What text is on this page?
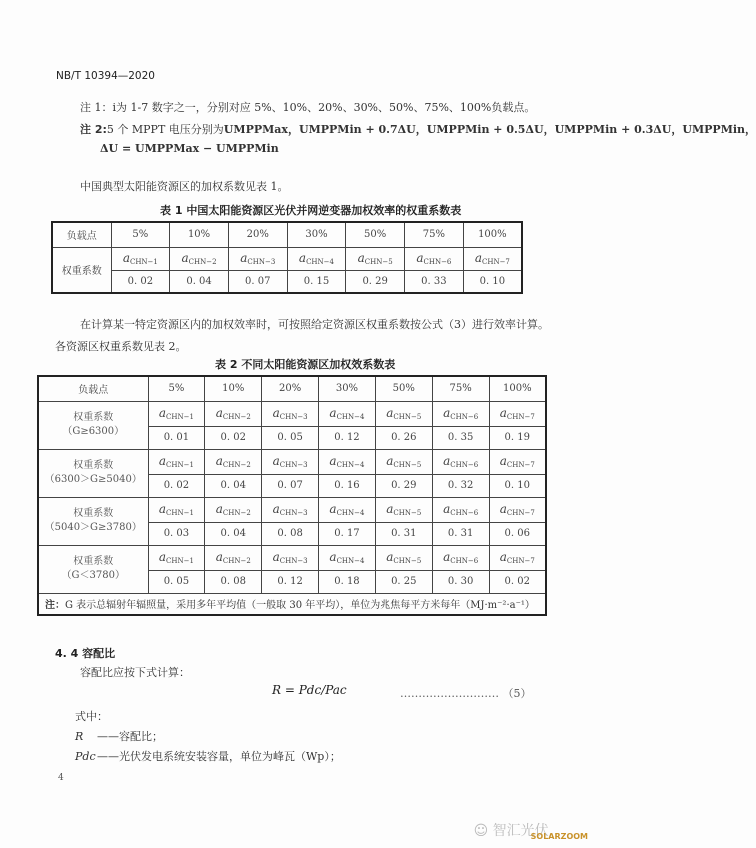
NB/T 10394—2020
注 1：i为 1-7 数字之一，分别对应 5%、10%、20%、30%、50%、75%、100%负载点。
注 2:5 个 MPPT 电压分别为UMPPMax，UMPPMin + 0.7ΔU，UMPPMin + 0.5ΔU，UMPPMin + 0.3ΔU，UMPPMin，
ΔU = UMPPMax − UMPPMin
中国典型太阳能资源区的加权系数见表 1。
表 1 中国太阳能资源区光伏并网逆变器加权效率的权重系数表
负载点	5%	10%	20%	30%	50%	75%	100%
权重系数	aCHN−1	aCHN−2	aCHN−3	aCHN−4	aCHN−5	aCHN−6	aCHN−7
	0. 02	0. 04	0. 07	0. 15	0. 29	0. 33	0. 10
在计算某一特定资源区内的加权效率时，可按照给定资源区权重系数按公式（3）进行效率计算。
各资源区权重系数见表 2。
表 2 不同太阳能资源区加权效系数表
负载点	5%	10%	20%	30%	50%	75%	100%

权重系数
（G≥6300）	aCHN−1	aCHN−2	aCHN−3	aCHN−4	aCHN−5	aCHN−6	aCHN−7
	0. 01	0. 02	0. 05	0. 12	0. 26	0. 35	0. 19

权重系数
（6300＞G≥5040）	aCHN−1	aCHN−2	aCHN−3	aCHN−4	aCHN−5	aCHN−6	aCHN−7
	0. 02	0. 04	0. 07	0. 16	0. 29	0. 32	0. 10

权重系数
（5040＞G≥3780）	aCHN−1	aCHN−2	aCHN−3	aCHN−4	aCHN−5	aCHN−6	aCHN−7
	0. 03	0. 04	0. 08	0. 17	0. 31	0. 31	0. 06

权重系数
（G＜3780）	aCHN−1	aCHN−2	aCHN−3	aCHN−4	aCHN−5	aCHN−6	aCHN−7
	0. 05	0. 08	0. 12	0. 18	0. 25	0. 30	0. 02
注：G 表示总辐射年辐照量，采用多年平均值（一般取 30 年平均），单位为兆焦每平方米每年（MJ·m⁻²·a⁻¹）							
4. 4 容配比
容配比应按下式计算：
R = Pdc/Pac	……………………… （5）
式中：
R ——容配比；
Pdc——光伏发电系统安装容量，单位为峰瓦（Wp）；
4
☺ 智汇光伏$_{SOLARZOOM}$
